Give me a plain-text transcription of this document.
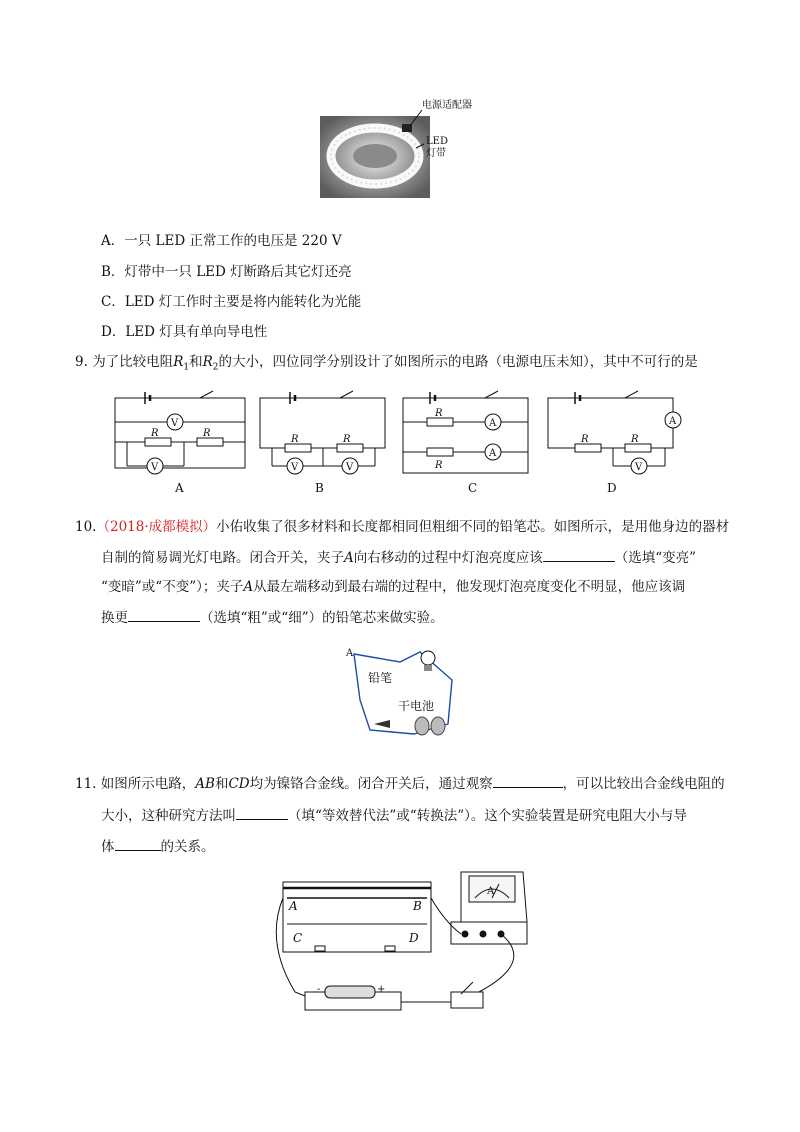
电源适配器
LED
灯带
A．一只 LED 正常工作的电压是 220 V
B．灯带中一只 LED 灯断路后其它灯还亮
C．LED 灯工作时主要是将内能转化为光能
D．LED 灯具有单向导电性
9. 为了比较电阻$R_1$和$R_2$的大小，四位同学分别设计了如图所示的电路（电源电压未知），其中不可行的是
V
V	V	V
A
A
A
V
R	R
R	R
R
R
R	R
A	B	C	D
10.（2018·成都模拟）小佑收集了很多材料和长度都相同但粗细不同的铅笔芯。如图所示，是用他身边的器材
自制的简易调光灯电路。闭合开关，夹子A向右移动的过程中灯泡亮度应该	（选填“变亮”
“变暗”或“不变”）；夹子A从最左端移动到最右端的过程中，他发现灯泡亮度变化不明显，他应该调
换更	（选填“粗”或“细”）的铅笔芯来做实验。
A
铅笔
干电池
11. 如图所示电路，AB和CD均为镍铬合金线。闭合开关后，通过观察	，可以比较出合金线电阻的
大小，这种研究方法叫	（填“等效替代法”或“转换法”）。这个实验装置是研究电阻大小与导
体	的关系。
A	B
C	D
A
-	+
